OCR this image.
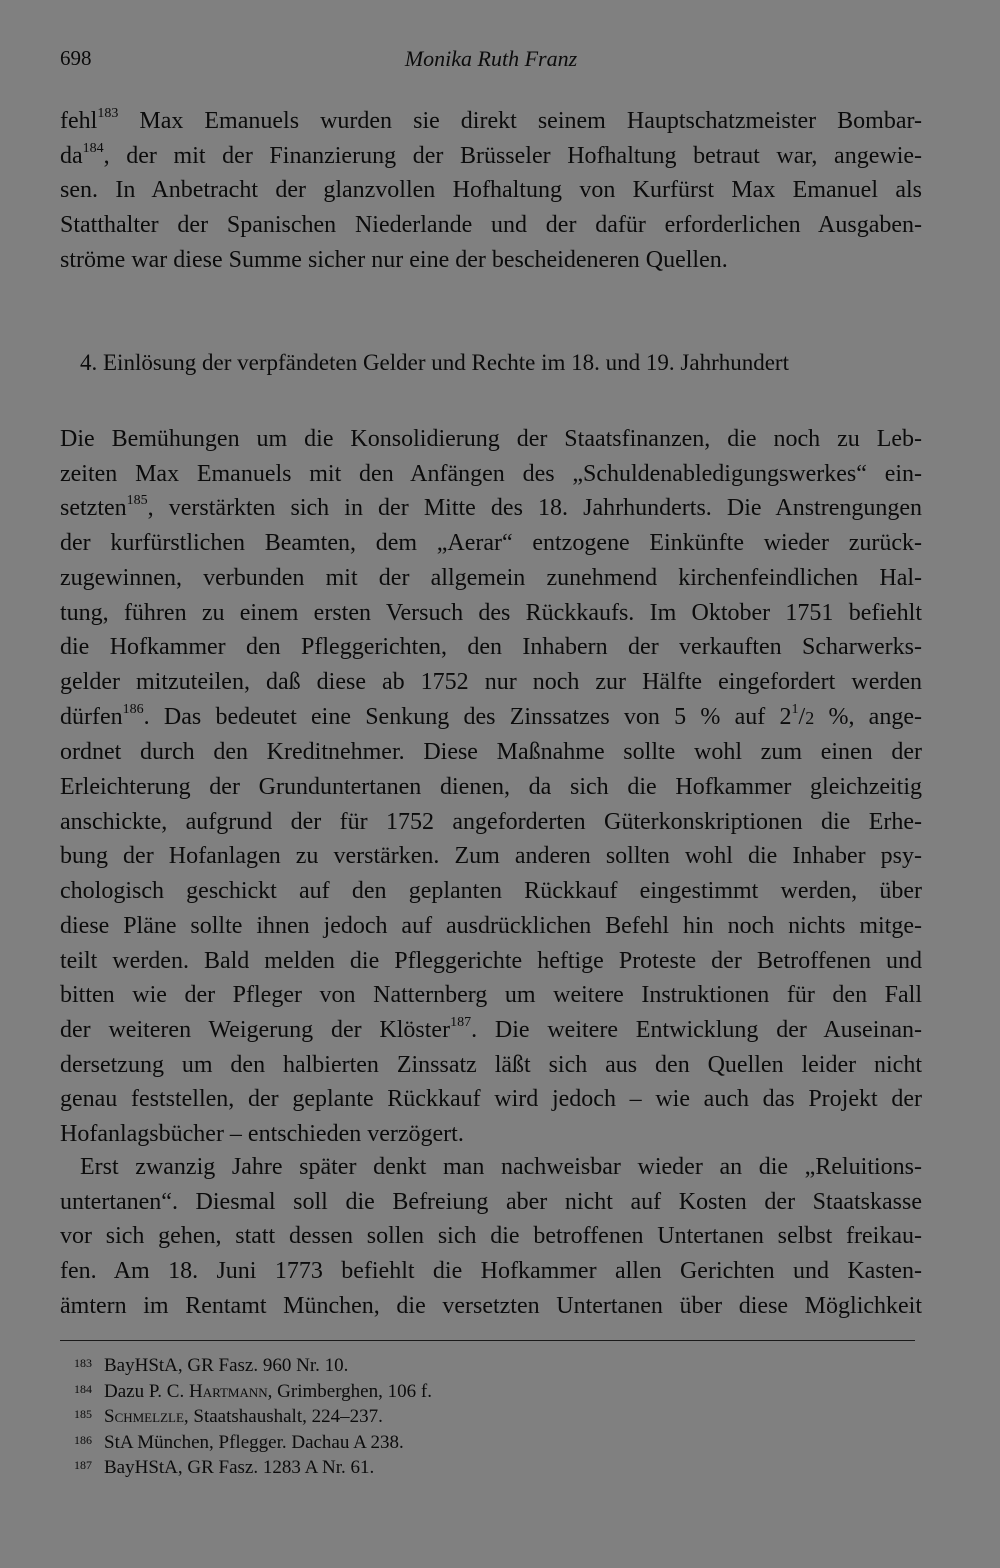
698	Monika Ruth Franz
fehl$^{183}$ Max Emanuels wurden sie direkt seinem Hauptschatzmeister Bombar-
$da^{184}$, der mit der Finanzierung der Brüsseler Hofhaltung betraut war, angewie-
sen. In Anbetracht der glanzvollen Hofhaltung von Kurfürst Max Emanuel als
Statthalter der Spanischen Niederlande und der dafür erforderlichen Ausgaben-
ströme war diese Summe sicher nur eine der bescheideneren Quellen.
4. Einlösung der verpfändeten Gelder und Rechte im 18. und 19. Jahrhundert
Die Bemühungen um die Konsolidierung der Staatsfinanzen, die noch zu Leb-
zeiten Max Emanuels mit den Anfängen des „Schuldenabledigungswerkes“ ein-
setzten$^{185}$, verstärkten sich in der Mitte des 18. Jahrhunderts. Die Anstrengungen
der kurfürstlichen Beamten, dem „Aerar“ entzogene Einkünfte wieder zurück-
zugewinnen, verbunden mit der allgemein zunehmend kirchenfeindlichen Hal-
tung, führen zu einem ersten Versuch des Rückkaufs. Im Oktober 1751 befiehlt
die Hofkammer den Pfleggerichten, den Inhabern der verkauften Scharwerks-
gelder mitzuteilen, daß diese ab 1752 nur noch zur Hälfte eingefordert werden
dürfen$^{186}$. Das bedeutet eine Senkung des Zinssatzes von 5 % auf $2^1/2$ %, ange-
ordnet durch den Kreditnehmer. Diese Maßnahme sollte wohl zum einen der
Erleichterung der Grunduntertanen dienen, da sich die Hofkammer gleichzeitig
anschickte, aufgrund der für 1752 angeforderten Güterkonskriptionen die Erhe-
bung der Hofanlagen zu verstärken. Zum anderen sollten wohl die Inhaber psy-
chologisch geschickt auf den geplanten Rückkauf eingestimmt werden, über
diese Pläne sollte ihnen jedoch auf ausdrücklichen Befehl hin noch nichts mitge-
teilt werden. Bald melden die Pfleggerichte heftige Proteste der Betroffenen und
bitten wie der Pfleger von Natternberg um weitere Instruktionen für den Fall
der weiteren Weigerung der Klöster$^{187}$. Die weitere Entwicklung der Auseinan-
dersetzung um den halbierten Zinssatz läßt sich aus den Quellen leider nicht
genau feststellen, der geplante Rückkauf wird jedoch – wie auch das Projekt der
Hofanlagsbücher – entschieden verzögert.
Erst zwanzig Jahre später denkt man nachweisbar wieder an die „Reluitions-
untertanen“. Diesmal soll die Befreiung aber nicht auf Kosten der Staatskasse
vor sich gehen, statt dessen sollen sich die betroffenen Untertanen selbst freikau-
fen. Am 18. Juni 1773 befiehlt die Hofkammer allen Gerichten und Kasten-
ämtern im Rentamt München, die versetzten Untertanen über diese Möglichkeit
183 BayHStA, GR Fasz. 960 Nr. 10.
184 Dazu P. C. Hartmann, Grimberghen, 106 f.
185 Schmelzle, Staatshaushalt, 224–237.
186 StA München, Pflegger. Dachau A 238.
187 BayHStA, GR Fasz. 1283 A Nr. 61.
